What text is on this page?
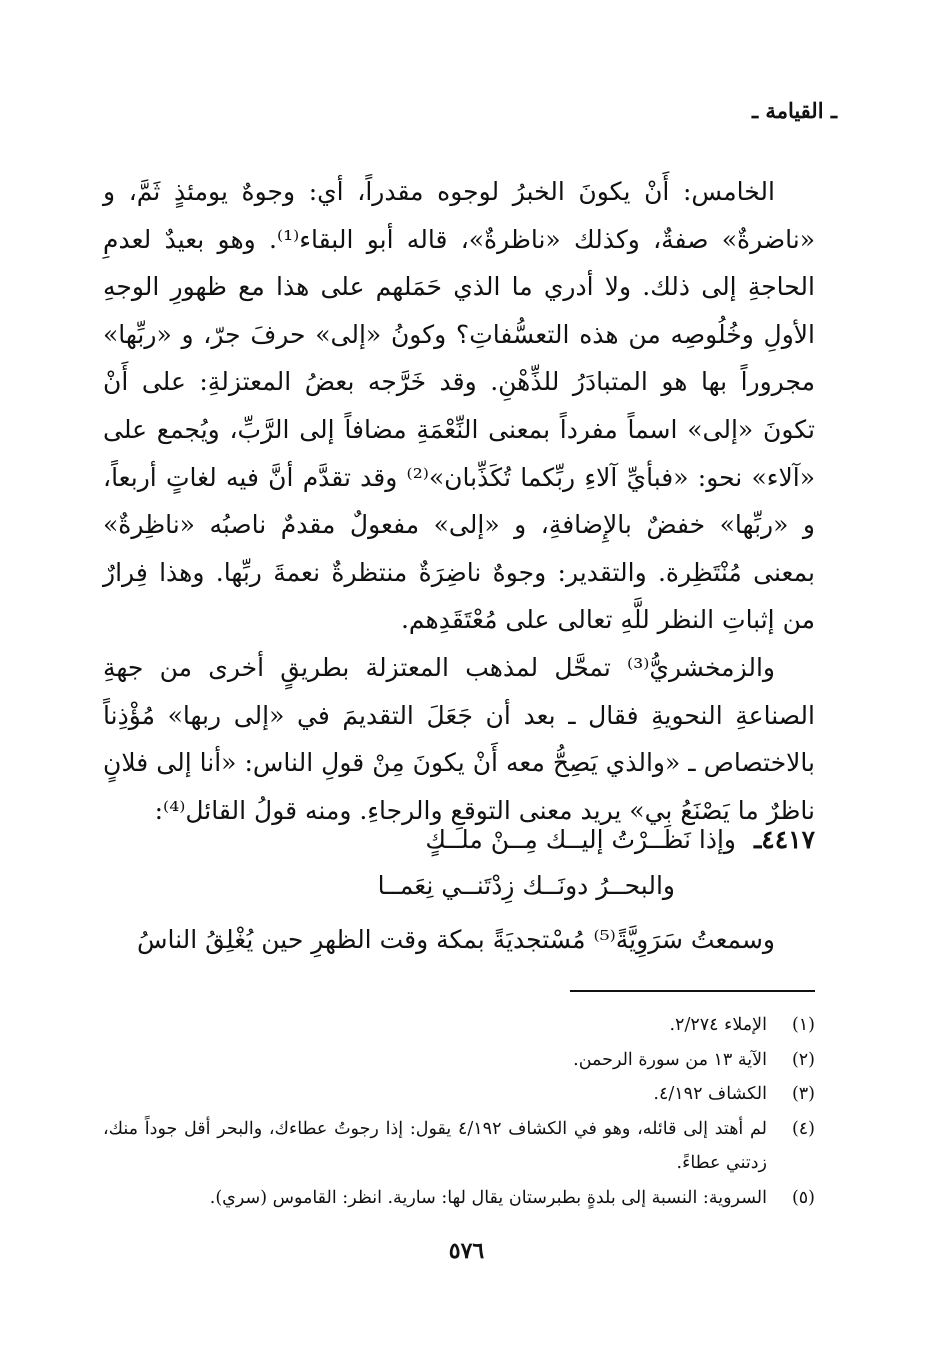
ـ القيامة ـ

الخامس: أَنْ يكونَ الخبرُ لوجوه مقدراً، أي: وجوهٌ يومئذٍ ثَمَّ، و «ناضرةٌ» صفةٌ، وكذلك «ناظرةٌ»، قاله أبو البقاء⁽¹⁾. وهو بعيدٌ لعدمِ الحاجةِ إلى ذلك. ولا أدري ما الذي حَمَلهم على هذا مع ظهورِ الوجهِ الأولِ وخُلُوصِه من هذه التعسُّفاتِ؟ وكونُ «إلى» حرفَ جرّ، و «ربِّها» مجروراً بها هو المتبادَرُ للذِّهْنِ. وقد خَرَّجه بعضُ المعتزلةِ: على أَنْ تكونَ «إلى» اسماً مفرداً بمعنى النِّعْمَةِ مضافاً إلى الرَّبِّ، ويُجمع على «آلاء» نحو: «فبأيِّ آلاءِ ربِّكما تُكَذِّبان»⁽²⁾ وقد تقدَّم أنَّ فيه لغاتٍ أربعاً، و «ربِّها» خفضٌ بالإِضافةِ، و «إلى» مفعولٌ مقدمٌ ناصبُه «ناظِرةٌ» بمعنى مُنْتَظِرة. والتقدير: وجوهٌ ناضِرَةٌ منتظرةٌ نعمةَ ربِّها. وهذا فِرارٌ من إثباتِ النظر للَّهِ تعالى على مُعْتَقَدِهم.

والزمخشريُّ⁽³⁾ تمحَّل لمذهب المعتزلة بطريقٍ أخرى من جهةِ الصناعةِ النحويةِ فقال ـ بعد أن جَعَلَ التقديمَ في «إلى ربها» مُؤْذِناً بالاختصاص ـ «والذي يَصِحُّ معه أَنْ يكونَ مِنْ قولِ الناس: «أنا إلى فلانٍ ناظرٌ ما يَصْنَعُ بي» يريد معنى التوقعِ والرجاءِ. ومنه قولُ القائل⁽⁴⁾:

٤٤١٧ـ وإذا نَظَــرْتُ إليــك مِــنْ ملــكٍ
والبحــرُ دونَــك زِدْتَنــي نِعَمــا
وسمعتُ سَرَوِيَّةً⁽⁵⁾ مُسْتجديَةً بمكة وقت الظهرِ حين يُغْلِقُ الناسُ
(١)
الإملاء ٢/٢٧٤.
(٢)
الآية ١٣ من سورة الرحمن.
(٣)
الكشاف ٤/١٩٢.
(٤)
لم أهتد إلى قائله، وهو في الكشاف ٤/١٩٢ يقول: إذا رجوتُ عطاءك، والبحر أقل جوداً منك، زدتني عطاءً.
(٥)
السروية: النسبة إلى بلدةٍ بطبرستان يقال لها: سارية. انظر: القاموس (سري).
٥٧٦
